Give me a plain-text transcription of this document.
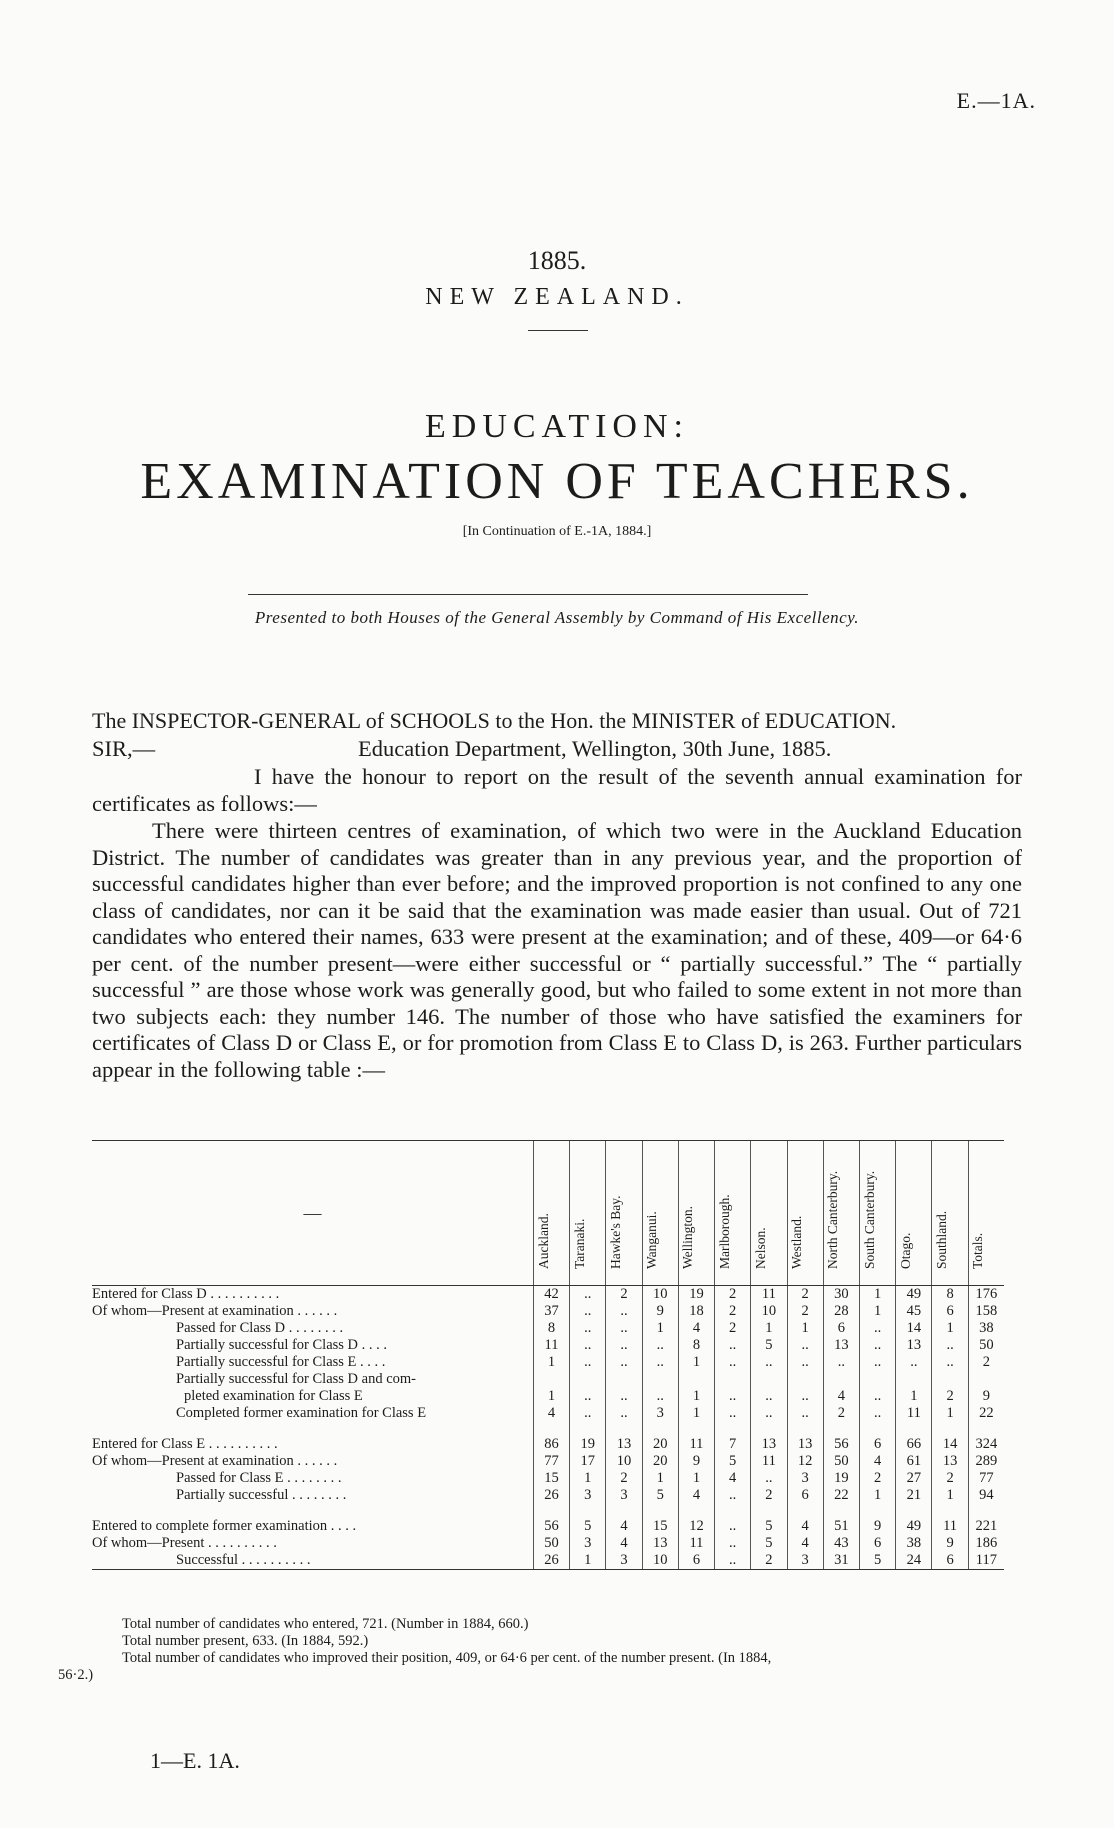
E.—1A.
1885.
NEW ZEALAND.
EDUCATION:
EXAMINATION OF TEACHERS.
[In Continuation of E.-1A, 1884.]
Presented to both Houses of the General Assembly by Command of His Excellency.
The INSPECTOR-GENERAL of SCHOOLS to the Hon. the MINISTER of EDUCATION.
SIR,—	Education Department, Wellington, 30th June, 1885.
I have the honour to report on the result of the seventh annual examination for certificates as follows:—
There were thirteen centres of examination, of which two were in the Auckland Education District. The number of candidates was greater than in any previous year, and the proportion of successful candidates higher than ever before; and the improved proportion is not confined to any one class of candidates, nor can it be said that the examination was made easier than usual. Out of 721 candidates who entered their names, 633 were present at the examination; and of these, 409—or 64·6 per cent. of the number present—were either successful or “ partially successful.” The “ partially successful ” are those whose work was generally good, but who failed to some extent in not more than two subjects each: they number 146. The number of those who have satisfied the examiners for certificates of Class D or Class E, or for promotion from Class E to Class D, is 263. Further particulars appear in the following table :—
—	Auckland.	Taranaki.	Hawke's Bay.	Wanganui.	Wellington.	Marlborough.	Nelson.	Westland.	North Canterbury.	South Canterbury.	Otago.	Southland.	Totals.

Entered for Class D . . . . . . . . . .	42	..	2	10	19	2	11	2	30	1	49	8	176
Of whom—Present at examination . . . . . .	37	..	..	9	18	2	10	2	28	1	45	6	158
Passed for Class D . . . . . . . .	8	..	..	1	4	2	1	1	6	..	14	1	38
Partially successful for Class D . . . .	11	..	..	..	8	..	5	..	13	..	13	..	50
Partially successful for Class E . . . .	1	..	..	..	1	..	..	..	..	..	..	..	2
Partially successful for Class D and com-													
pleted examination for Class E	1	..	..	..	1	..	..	..	4	..	1	2	9
Completed former examination for Class E	4	..	..	3	1	..	..	..	2	..	11	1	22

Entered for Class E . . . . . . . . . .	86	19	13	20	11	7	13	13	56	6	66	14	324
Of whom—Present at examination . . . . . .	77	17	10	20	9	5	11	12	50	4	61	13	289
Passed for Class E . . . . . . . .	15	1	2	1	1	4	..	3	19	2	27	2	77
Partially successful . . . . . . . .	26	3	3	5	4	..	2	6	22	1	21	1	94

Entered to complete former examination . . . .	56	5	4	15	12	..	5	4	51	9	49	11	221
Of whom—Present . . . . . . . . . .	50	3	4	13	11	..	5	4	43	6	38	9	186
Successful . . . . . . . . . .	26	1	3	10	6	..	2	3	31	5	24	6	117
Total number of candidates who entered, 721. (Number in 1884, 660.)
Total number present, 633. (In 1884, 592.)
Total number of candidates who improved their position, 409, or 64·6 per cent. of the number present. (In 1884,
56·2.)
1—E. 1A.
